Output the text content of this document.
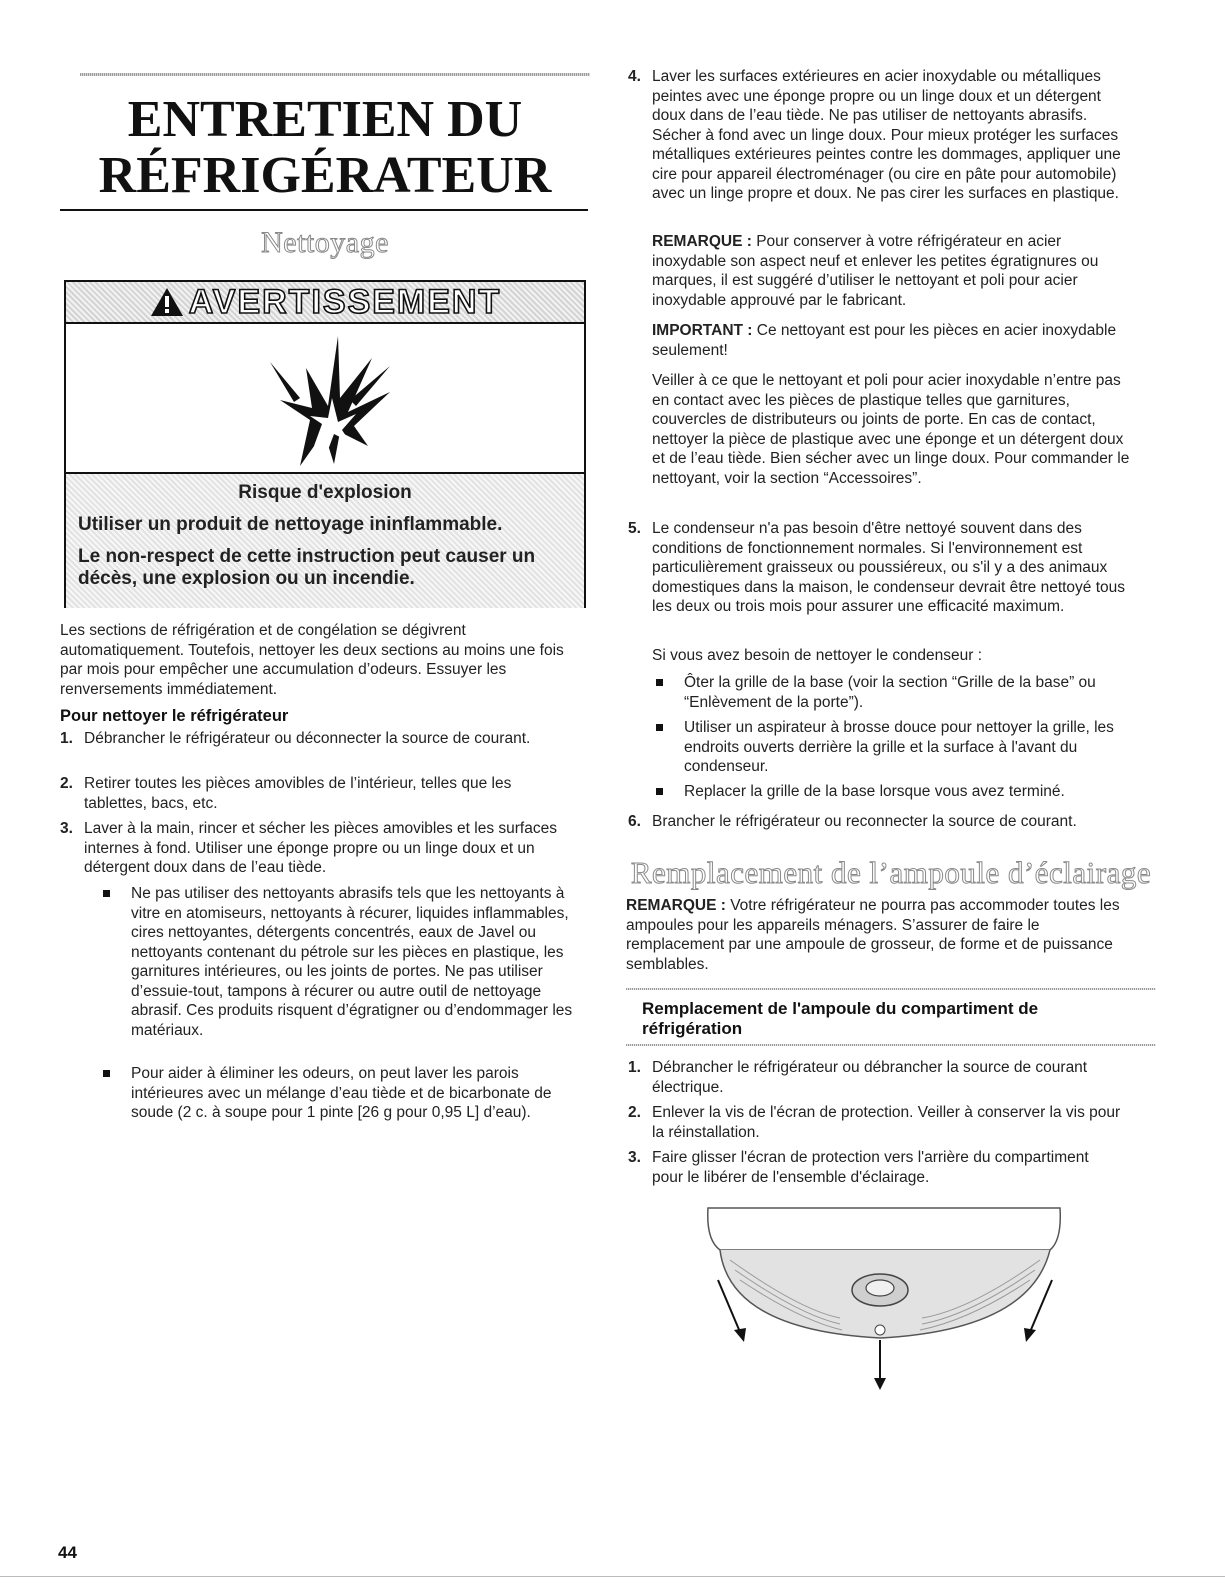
ENTRETIEN DU
RÉFRIGÉRATEUR
Nettoyage
AVERTISSEMENT

Risque d'explosion

Utiliser un produit de nettoyage ininflammable.

Le non-respect de cette instruction peut causer un décès, une explosion ou un incendie.

Les sections de réfrigération et de congélation se dégivrent automatiquement. Toutefois, nettoyer les deux sections au moins une fois par mois pour empêcher une accumulation d’odeurs. Essuyer les renversements immédiatement.

Pour nettoyer le réfrigérateur

1. Débrancher le réfrigérateur ou déconnecter la source de courant.
2. Retirer toutes les pièces amovibles de l’intérieur, telles que les tablettes, bacs, etc.
3. Laver à la main, rincer et sécher les pièces amovibles et les surfaces internes à fond. Utiliser une éponge propre ou un linge doux et un détergent doux dans de l’eau tiède.
Ne pas utiliser des nettoyants abrasifs tels que les nettoyants à vitre en atomiseurs, nettoyants à récurer, liquides inflammables, cires nettoyantes, détergents concentrés, eaux de Javel ou nettoyants contenant du pétrole sur les pièces en plastique, les garnitures intérieures, ou les joints de portes. Ne pas utiliser d’essuie-tout, tampons à récurer ou autre outil de nettoyage abrasif. Ces produits risquent d’égratigner ou d’endommager les matériaux.
Pour aider à éliminer les odeurs, on peut laver les parois intérieures avec un mélange d’eau tiède et de bicarbonate de soude (2 c. à soupe pour 1 pinte [26 g pour 0,95 L] d’eau).
4. Laver les surfaces extérieures en acier inoxydable ou métalliques peintes avec une éponge propre ou un linge doux et un détergent doux dans de l’eau tiède. Ne pas utiliser de nettoyants abrasifs. Sécher à fond avec un linge doux. Pour mieux protéger les surfaces métalliques extérieures peintes contre les dommages, appliquer une cire pour appareil électroménager (ou cire en pâte pour automobile) avec un linge propre et doux. Ne pas cirer les surfaces en plastique.

REMARQUE : Pour conserver à votre réfrigérateur en acier inoxydable son aspect neuf et enlever les petites égratignures ou marques, il est suggéré d’utiliser le nettoyant et poli pour acier inoxydable approuvé par le fabricant.

IMPORTANT : Ce nettoyant est pour les pièces en acier inoxydable seulement!

Veiller à ce que le nettoyant et poli pour acier inoxydable n’entre pas en contact avec les pièces de plastique telles que garnitures, couvercles de distributeurs ou joints de porte. En cas de contact, nettoyer la pièce de plastique avec une éponge et un détergent doux et de l’eau tiède. Bien sécher avec un linge doux. Pour commander le nettoyant, voir la section “Accessoires”.

5. Le condenseur n'a pas besoin d'être nettoyé souvent dans des conditions de fonctionnement normales. Si l'environnement est particulièrement graisseux ou poussiéreux, ou s'il y a des animaux domestiques dans la maison, le condenseur devrait être nettoyé tous les deux ou trois mois pour assurer une efficacité maximum.

Si vous avez besoin de nettoyer le condenseur :

Ôter la grille de la base (voir la section “Grille de la base” ou “Enlèvement de la porte”).
Utiliser un aspirateur à brosse douce pour nettoyer la grille, les endroits ouverts derrière la grille et la surface à l'avant du condenseur.
Replacer la grille de la base lorsque vous avez terminé.
6. Brancher le réfrigérateur ou reconnecter la source de courant.
Remplacement de l’ampoule d’éclairage

REMARQUE : Votre réfrigérateur ne pourra pas accommoder toutes les ampoules pour les appareils ménagers. S’assurer de faire le remplacement par une ampoule de grosseur, de forme et de puissance semblables.

Remplacement de l'ampoule du compartiment de réfrigération

1. Débrancher le réfrigérateur ou débrancher la source de courant électrique.
2. Enlever la vis de l'écran de protection. Veiller à conserver la vis pour la réinstallation.
3. Faire glisser l'écran de protection vers l'arrière du compartiment pour le libérer de l'ensemble d'éclairage.
44
